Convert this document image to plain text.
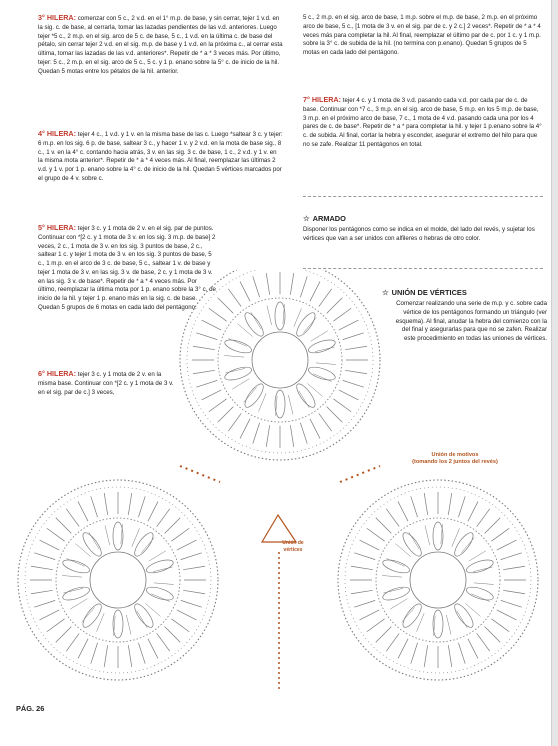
3° HILERA: comenzar con 5 c., 2 v.d. en el 1° m.p. de base, y sin cerrar, tejer 1 v.d. en la sig. c. de base, al cerrarla, tomar las lazadas pendientes de las v.d. anteriores. Luego tejer *5 c., 2 m.p. en el sig. arco de 5 c. de base, 5 c., 1 v.d. en la última c. de base del pétalo, sin cerrar tejer 2 v.d. en el sig. m.p. de base y 1 v.d. en la próxima c., al cerrar esta última, tomar las lazadas de las v.d. anteriores*. Repetir de * a * 3 veces más. Por último, tejer: 5 c., 2 m.p. en el sig. arco de 5 c., 5 c. y 1 p. enano sobre la 5° c. de inicio de la hil. Quedan 5 motas entre los pétalos de la hil. anterior.
4° HILERA: tejer 4 c., 1 v.d. y 1 v. en la misma base de las c. Luego *saltear 3 c. y tejer: 6 m.p. en los sig. 6 p. de base, saltear 3 c., y hacer 1 v. y 2 v.d. en la mota de base sig., 8 c., 1 v. en la 4° c. contando hacia atrás, 3 v. en las sig. 3 c. de base, 1 c., 2 v.d. y 1 v. en la misma mota anterior*. Repetir de * a * 4 veces más. Al final, reemplazar las últimas 2 v.d. y 1 v. por 1 p. enano sobre la 4° c. de inicio de la hil. Quedan 5 vértices marcados por el grupo de 4 v. sobre c.
5° HILERA: tejer 3 c. y 1 mota de 2 v. en el sig. par de puntos. Continuar con *[2 c. y 1 mota de 3 v. en los sig. 3 m.p. de base] 2 veces, 2 c., 1 mota de 3 v. en los sig. 3 puntos de base, 2 c., saltear 1 c. y tejer 1 mota de 3 v. en los sig. 3 puntos de base, 5 c., 1 m.p. en el arco de 3 c. de base, 5 c., saltear 1 v. de base y tejer 1 mota de 3 v. en las sig. 3 v. de base, 2 c. y 1 mota de 3 v. en las sig. 3 v. de base*. Repetir de * a * 4 veces más. Por último, reemplazar la última mota por 1 p. enano sobre la 3° c. de inicio de la hil. y tejer 1 p. enano más en la sig. c. de base. Quedan 5 grupos de 6 motas en cada lado del pentágono.
6° HILERA: tejer 3 c. y 1 mota de 2 v. en la misma base. Continuar con *[2 c. y 1 mota de 3 v. en el sig. par de c.] 3 veces,
5 c., 2 m.p. en el sig. arco de base, 1 m.p. sobre el m.p. de base, 2 m.p. en el próximo arco de base, 5 c., [1 mota de 3 v. en el sig. par de c. y 2 c.] 2 veces*. Repetir de * a * 4 veces más para completar la hil. Al final, reemplazar el último par de c. por 1 c. y 1 m.p. sobre la 3° c. de subida de la hil. (no termina con p.enano). Quedan 5 grupos de 5 motas en cada lado del pentágono.
7° HILERA: tejer 4 c. y 1 mota de 3 v.d. pasando cada v.d. por cada par de c. de base. Continuar con *7 c., 3 m.p. en el sig. arco de base, 5 m.p. en los 5 m.p. de base, 3 m.p. en el próximo arco de base, 7 c., 1 mota de 4 v.d. pasando cada una por los 4 pares de c. de base*. Repetir de * a * para completar la hil. y tejer 1 p.enano sobre la 4° c. de subida. Al final, cortar la hebra y esconder, asegurar el extremo del hilo para que no se zafe. Realizar 11 pentágonos en total.
☆ ARMADO
Disponer los pentágonos como se indica en el molde, del lado del revés, y sujetar los vértices que van a ser unidos con alfileres o hebras de otro color.
☆ UNIÓN DE VÉRTICES
Comenzar realizando una serie de m.p. y c. sobre cada vértice de los pentágonos formando un triángulo (ver esquema). Al final, anudar la hebra del comienzo con la del final y asegurarlas para que no se zafen. Realizar este procedimiento en todas las uniones de vértices.
Unión de motivos
(tomando los 2 juntos del revés)
Unión de
vértices
PÁG. 26
